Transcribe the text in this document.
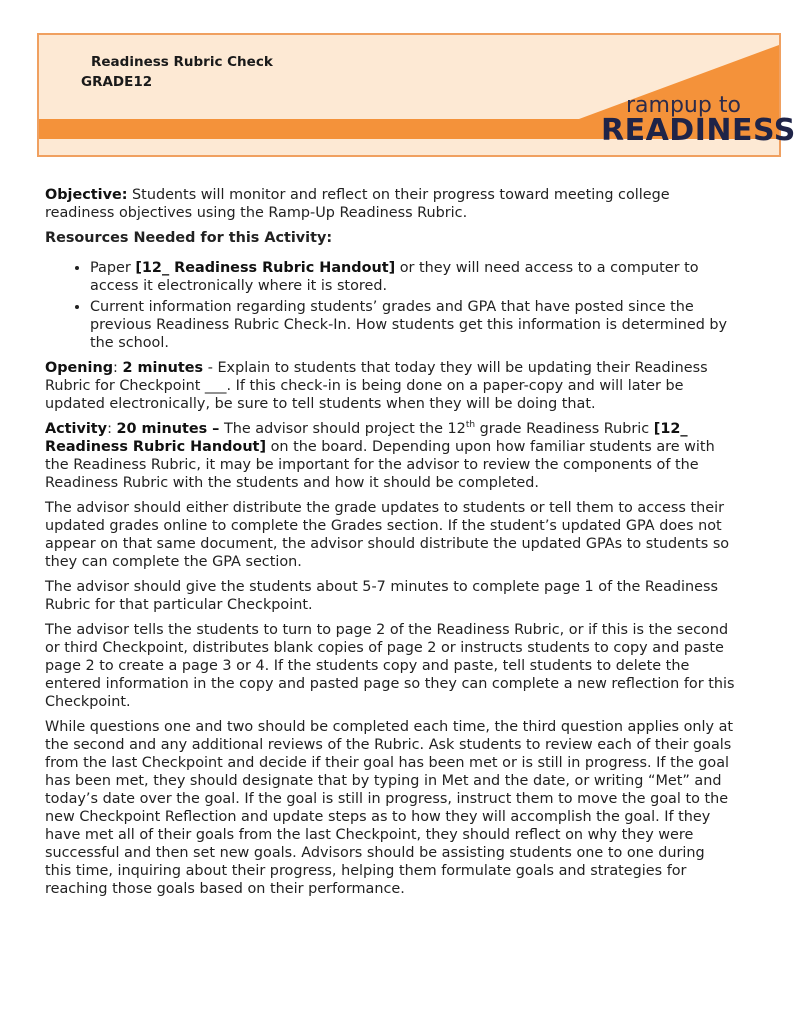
Readiness Rubric Check
GRADE12
rampup to
READINESS

Objective: Students will monitor and reflect on their progress toward meeting college readiness objectives using the Ramp-Up Readiness Rubric.

Resources Needed for this Activity:

• Paper [12_ Readiness Rubric Handout] or they will need access to a computer to access it electronically where it is stored.
• Current information regarding students’ grades and GPA that have posted since the previous Readiness Rubric Check-In. How students get this information is determined by the school.

Opening: 2 minutes - Explain to students that today they will be updating their Readiness Rubric for Checkpoint ___. If this check-in is being done on a paper-copy and will later be updated electronically, be sure to tell students when they will be doing that.

Activity: 20 minutes – The advisor should project the 12th grade Readiness Rubric [12_ Readiness Rubric Handout] on the board. Depending upon how familiar students are with the Readiness Rubric, it may be important for the advisor to review the components of the Readiness Rubric with the students and how it should be completed.

The advisor should either distribute the grade updates to students or tell them to access their updated grades online to complete the Grades section. If the student’s updated GPA does not appear on that same document, the advisor should distribute the updated GPAs to students so they can complete the GPA section.

The advisor should give the students about 5-7 minutes to complete page 1 of the Readiness Rubric for that particular Checkpoint.

The advisor tells the students to turn to page 2 of the Readiness Rubric, or if this is the second or third Checkpoint, distributes blank copies of page 2 or instructs students to copy and paste page 2 to create a page 3 or 4. If the students copy and paste, tell students to delete the entered information in the copy and pasted page so they can complete a new reflection for this Checkpoint.

While questions one and two should be completed each time, the third question applies only at the second and any additional reviews of the Rubric. Ask students to review each of their goals from the last Checkpoint and decide if their goal has been met or is still in progress. If the goal has been met, they should designate that by typing in Met and the date, or writing “Met” and today’s date over the goal. If the goal is still in progress, instruct them to move the goal to the new Checkpoint Reflection and update steps as to how they will accomplish the goal. If they have met all of their goals from the last Checkpoint, they should reflect on why they were successful and then set new goals. Advisors should be assisting students one to one during this time, inquiring about their progress, helping them formulate goals and strategies for reaching those goals based on their performance.
